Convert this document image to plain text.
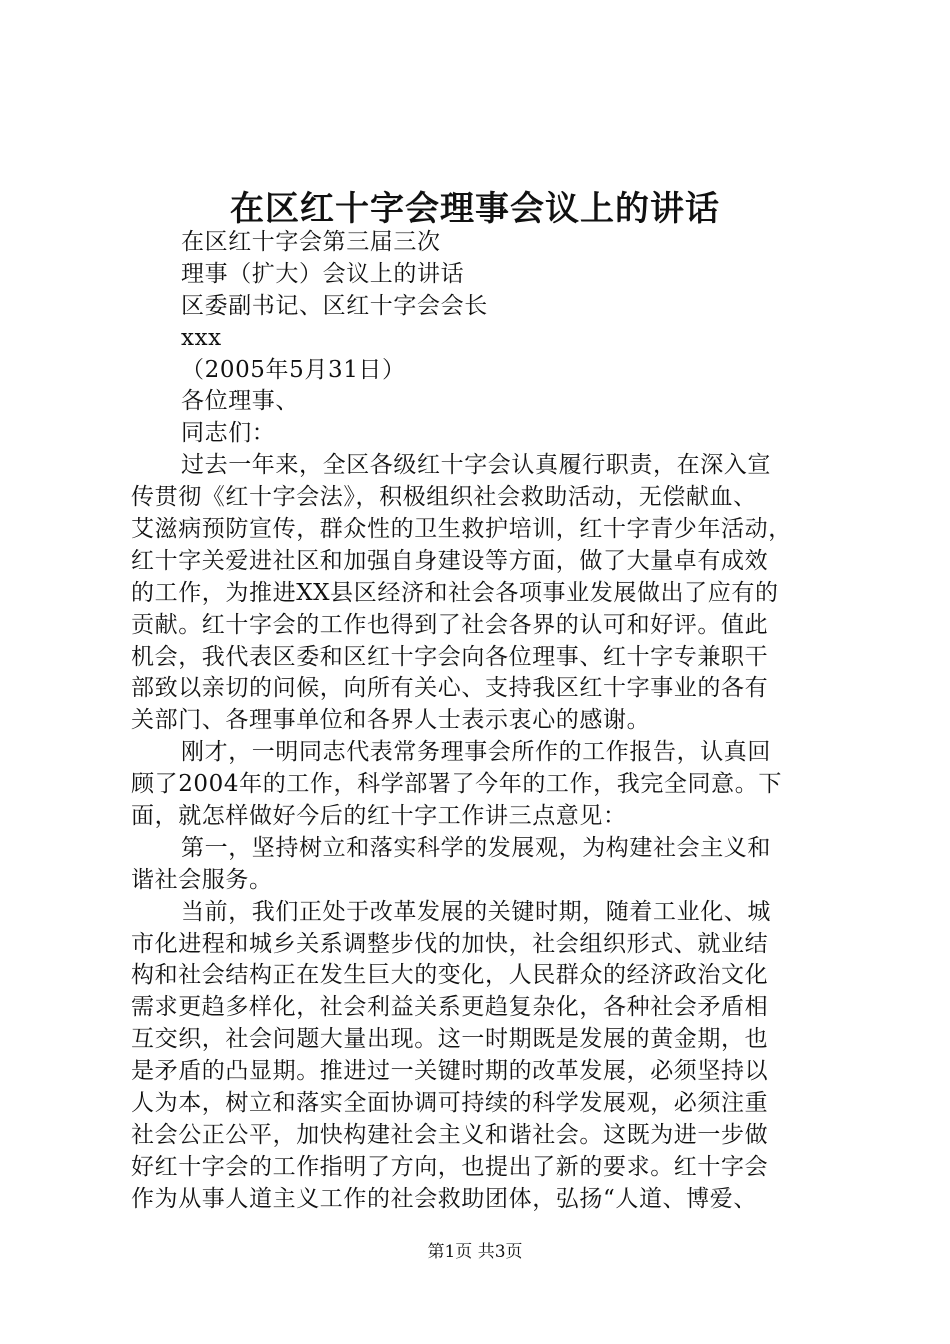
在区红十字会理事会议上的讲话
在区红十字会第三届三次
理事（扩大）会议上的讲话
区委副书记、区红十字会会长
xxx
（2005年5月31日）
各位理事、
同志们：
过去一年来，全区各级红十字会认真履行职责，在深入宣
传贯彻《红十字会法》，积极组织社会救助活动，无偿献血、
艾滋病预防宣传，群众性的卫生救护培训，红十字青少年活动，
红十字关爱进社区和加强自身建设等方面，做了大量卓有成效
的工作，为推进XX县区经济和社会各项事业发展做出了应有的
贡献。红十字会的工作也得到了社会各界的认可和好评。值此
机会，我代表区委和区红十字会向各位理事、红十字专兼职干
部致以亲切的问候，向所有关心、支持我区红十字事业的各有
关部门、各理事单位和各界人士表示衷心的感谢。
刚才，一明同志代表常务理事会所作的工作报告，认真回
顾了2004年的工作，科学部署了今年的工作，我完全同意。下
面，就怎样做好今后的红十字工作讲三点意见：
第一，坚持树立和落实科学的发展观，为构建社会主义和
谐社会服务。
当前，我们正处于改革发展的关键时期，随着工业化、城
市化进程和城乡关系调整步伐的加快，社会组织形式、就业结
构和社会结构正在发生巨大的变化，人民群众的经济政治文化
需求更趋多样化，社会利益关系更趋复杂化，各种社会矛盾相
互交织，社会问题大量出现。这一时期既是发展的黄金期，也
是矛盾的凸显期。推进过一关键时期的改革发展，必须坚持以
人为本，树立和落实全面协调可持续的科学发展观，必须注重
社会公正公平，加快构建社会主义和谐社会。这既为进一步做
好红十字会的工作指明了方向，也提出了新的要求。红十字会
作为从事人道主义工作的社会救助团体，弘扬“人道、博爱、
第1页 共3页
